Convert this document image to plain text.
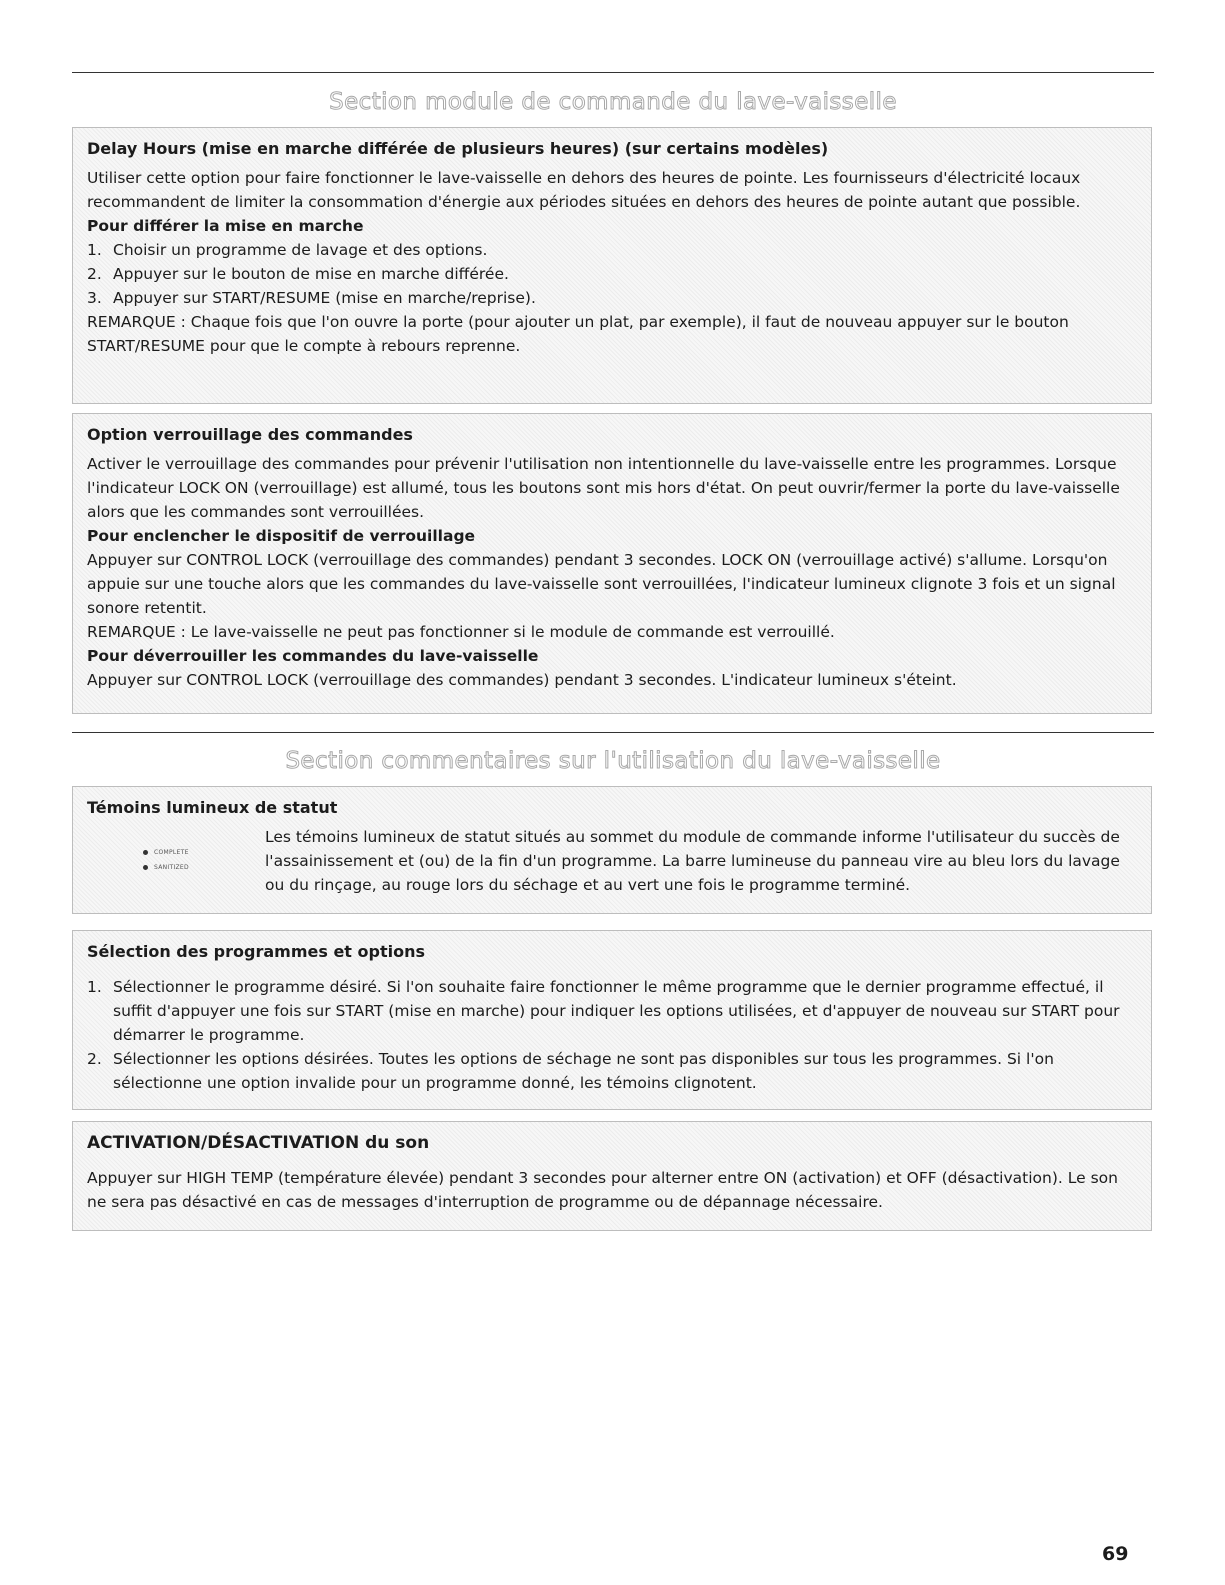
Section module de commande du lave-vaisselle
Delay Hours (mise en marche différée de plusieurs heures) (sur certains modèles)

Utiliser cette option pour faire fonctionner le lave-vaisselle en dehors des heures de pointe. Les fournisseurs d'électricité locaux recommandent de limiter la consommation d'énergie aux périodes situées en dehors des heures de pointe autant que possible.

Pour différer la mise en marche
1. Choisir un programme de lavage et des options.
2. Appuyer sur le bouton de mise en marche différée.
3. Appuyer sur START/RESUME (mise en marche/reprise).

REMARQUE : Chaque fois que l'on ouvre la porte (pour ajouter un plat, par exemple), il faut de nouveau appuyer sur le bouton START/RESUME pour que le compte à rebours reprenne.

Option verrouillage des commandes

Activer le verrouillage des commandes pour prévenir l'utilisation non intentionnelle du lave-vaisselle entre les programmes. Lorsque l'indicateur LOCK ON (verrouillage) est allumé, tous les boutons sont mis hors d'état. On peut ouvrir/fermer la porte du lave-vaisselle alors que les commandes sont verrouillées.

Pour enclencher le dispositif de verrouillage

Appuyer sur CONTROL LOCK (verrouillage des commandes) pendant 3 secondes. LOCK ON (verrouillage activé) s'allume. Lorsqu'on appuie sur une touche alors que les commandes du lave-vaisselle sont verrouillées, l'indicateur lumineux clignote 3 fois et un signal sonore retentit.

REMARQUE : Le lave-vaisselle ne peut pas fonctionner si le module de commande est verrouillé.

Pour déverrouiller les commandes du lave-vaisselle

Appuyer sur CONTROL LOCK (verrouillage des commandes) pendant 3 secondes. L'indicateur lumineux s'éteint.

Section commentaires sur l'utilisation du lave-vaisselle
Témoins lumineux de statut
COMPLETE
SANITIZED

Les témoins lumineux de statut situés au sommet du module de commande informe l'utilisateur du succès de l'assainissement et (ou) de la fin d'un programme. La barre lumineuse du panneau vire au bleu lors du lavage ou du rinçage, au rouge lors du séchage et au vert une fois le programme terminé.

Sélection des programmes et options
1. Sélectionner le programme désiré. Si l'on souhaite faire fonctionner le même programme que le dernier programme effectué, il suffit d'appuyer une fois sur START (mise en marche) pour indiquer les options utilisées, et d'appuyer de nouveau sur START pour démarrer le programme.
2. Sélectionner les options désirées. Toutes les options de séchage ne sont pas disponibles sur tous les programmes. Si l'on sélectionne une option invalide pour un programme donné, les témoins clignotent.
ACTIVATION/DÉSACTIVATION du son

Appuyer sur HIGH TEMP (température élevée) pendant 3 secondes pour alterner entre ON (activation) et OFF (désactivation). Le son ne sera pas désactivé en cas de messages d'interruption de programme ou de dépannage nécessaire.

69
